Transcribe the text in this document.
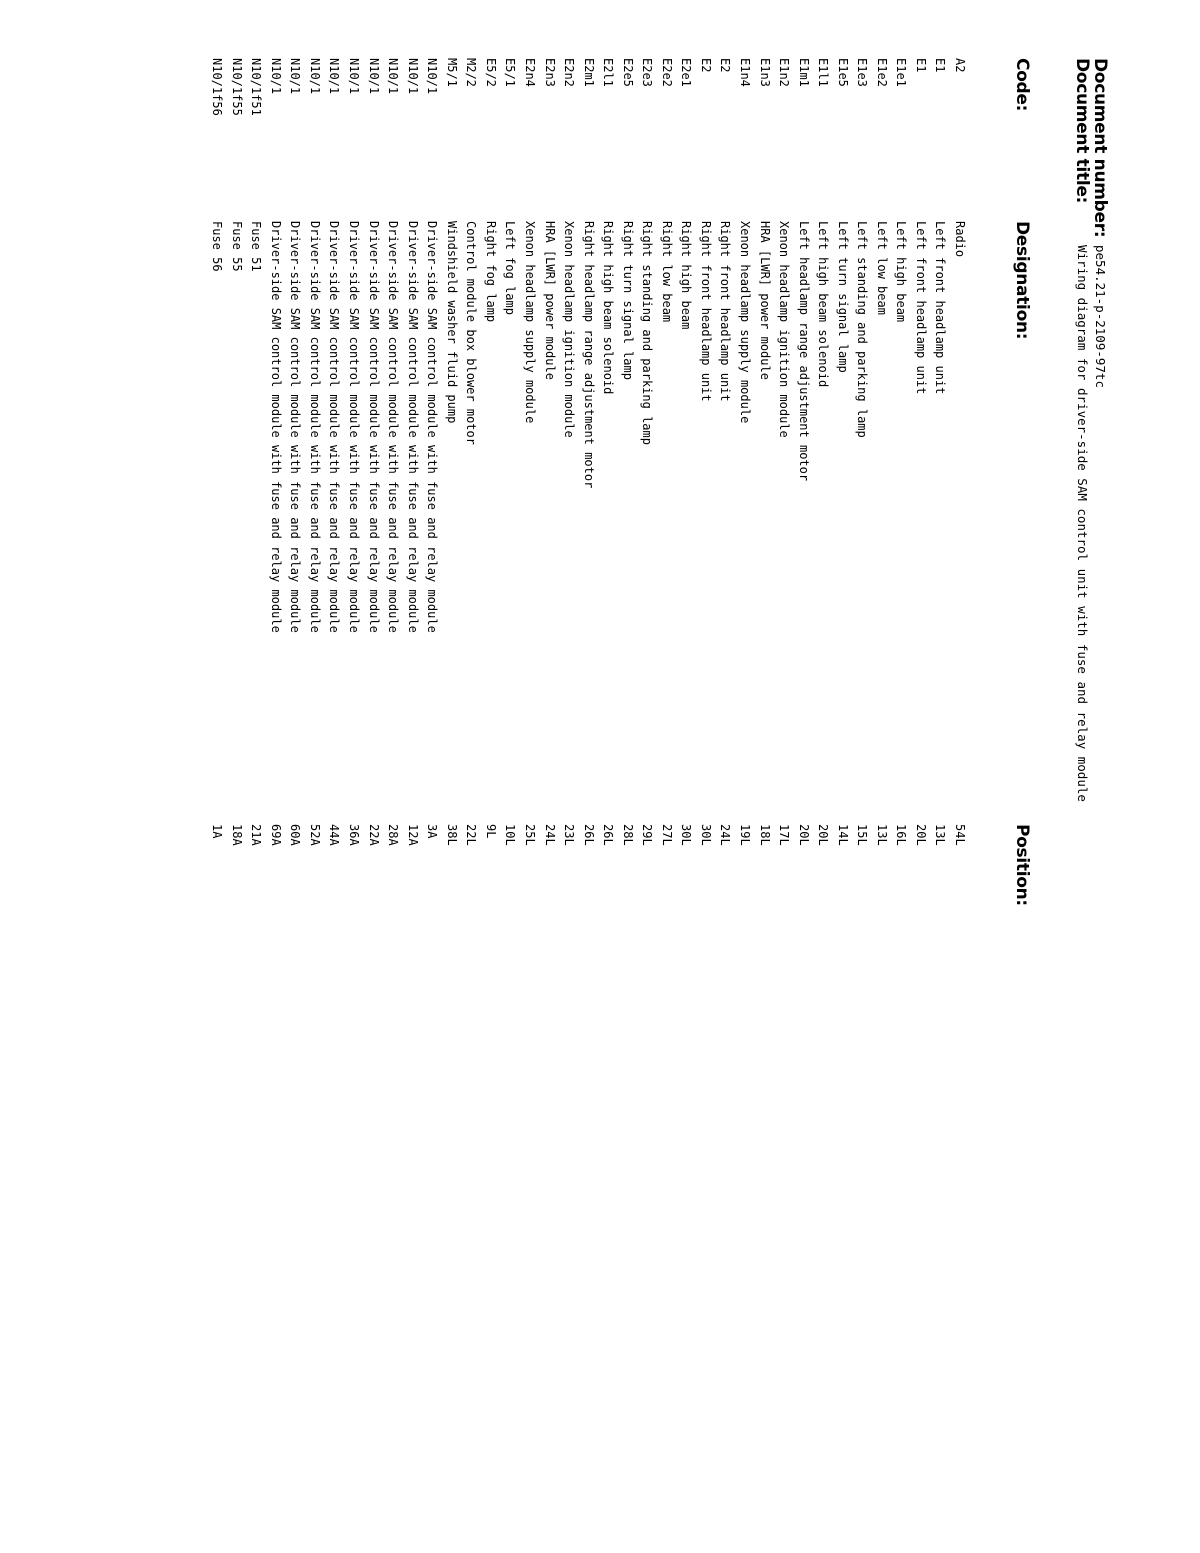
Document number:
pe54.21-p-2109-97tc
Document title:
Wiring diagram for driver-side SAM control unit with fuse and relay module
Code:
Designation:
Position:
A2
Radio
54L
E1
Left front headlamp unit
13L
E1
Left front headlamp unit
20L
E1e1
Left high beam
16L
E1e2
Left low beam
13L
E1e3
Left standing and parking lamp
15L
E1e5
Left turn signal lamp
14L
E1l1
Left high beam solenoid
20L
E1m1
Left headlamp range adjustment motor
20L
E1n2
Xenon headlamp ignition module
17L
E1n3
HRA [LWR] power module
18L
E1n4
Xenon headlamp supply module
19L
E2
Right front headlamp unit
24L
E2
Right front headlamp unit
30L
E2e1
Right high beam
30L
E2e2
Right low beam
27L
E2e3
Right standing and parking lamp
29L
E2e5
Right turn signal lamp
28L
E2l1
Right high beam solenoid
26L
E2m1
Right headlamp range adjustment motor
26L
E2n2
Xenon headlamp ignition module
23L
E2n3
HRA [LWR] power module
24L
E2n4
Xenon headlamp supply module
25L
E5/1
Left fog lamp
10L
E5/2
Right fog lamp
9L
M2/2
Control module box blower motor
22L
M5/1
Windshield washer fluid pump
38L
N10/1
Driver-side SAM control module with fuse and relay module
3A
N10/1
Driver-side SAM control module with fuse and relay module
12A
N10/1
Driver-side SAM control module with fuse and relay module
28A
N10/1
Driver-side SAM control module with fuse and relay module
22A
N10/1
Driver-side SAM control module with fuse and relay module
36A
N10/1
Driver-side SAM control module with fuse and relay module
44A
N10/1
Driver-side SAM control module with fuse and relay module
52A
N10/1
Driver-side SAM control module with fuse and relay module
60A
N10/1
Driver-side SAM control module with fuse and relay module
69A
N10/1f51
Fuse 51
21A
N10/1f55
Fuse 55
18A
N10/1f56
Fuse 56
1A
